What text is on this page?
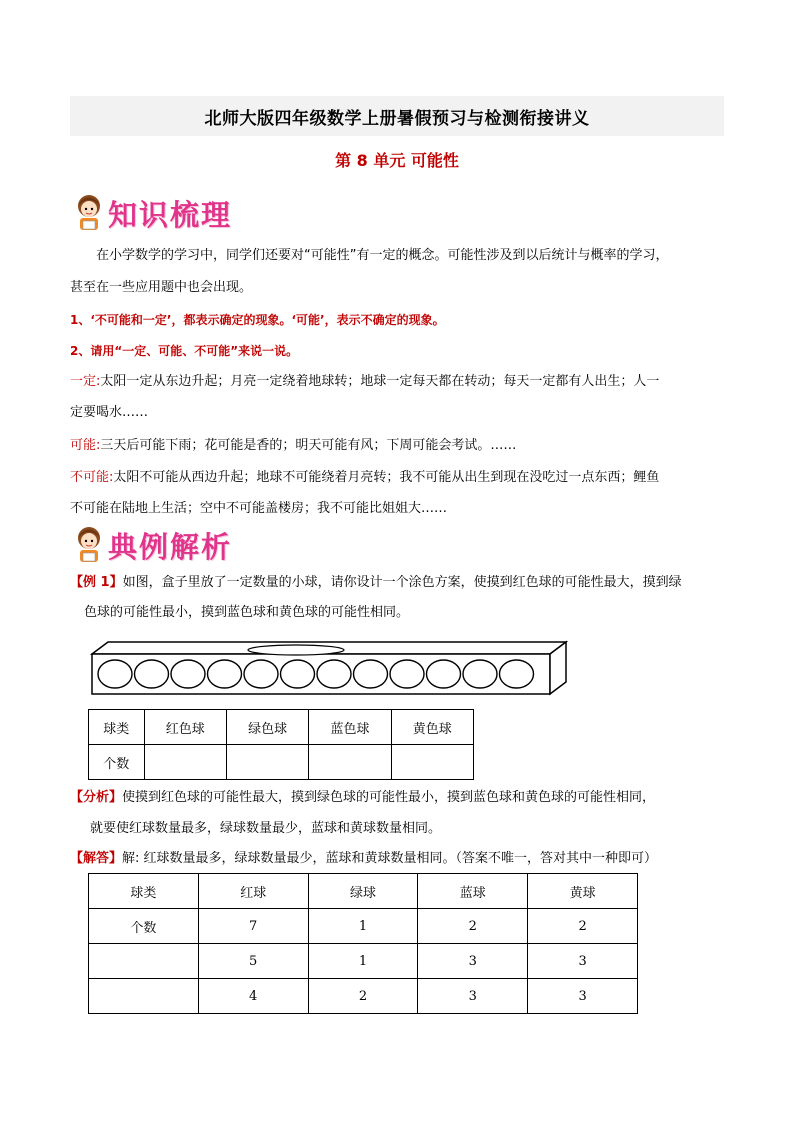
北师大版四年级数学上册暑假预习与检测衔接讲义
第 8 单元 可能性
知识梳理
在小学数学的学习中，同学们还要对“可能性”有一定的概念。可能性涉及到以后统计与概率的学习，
甚至在一些应用题中也会出现。
1、‘不可能和一定’，都表示确定的现象。‘可能’，表示不确定的现象。
2、请用“一定、可能、不可能”来说一说。
一定:太阳一定从东边升起；月亮一定绕着地球转；地球一定每天都在转动；每天一定都有人出生；人一
定要喝水……
可能:三天后可能下雨；花可能是香的；明天可能有风；下周可能会考试。……
不可能:太阳不可能从西边升起；地球不可能绕着月亮转；我不可能从出生到现在没吃过一点东西；鲤鱼
不可能在陆地上生活；空中不可能盖楼房；我不可能比姐姐大……
典例解析
【例 1】如图，盒子里放了一定数量的小球，请你设计一个涂色方案，使摸到红色球的可能性最大，摸到绿
色球的可能性最小，摸到蓝色球和黄色球的可能性相同。
球类	红色球	绿色球	蓝色球	黄色球
个数				
【分析】使摸到红色球的可能性最大，摸到绿色球的可能性最小，摸到蓝色球和黄色球的可能性相同，
就要使红球数量最多，绿球数量最少，蓝球和黄球数量相同。
【解答】解: 红球数量最多，绿球数量最少，蓝球和黄球数量相同。（答案不唯一，答对其中一种即可）
球类	红球	绿球	蓝球	黄球
个数	7	1	2	2
	5	1	3	3
	4	2	3	3
